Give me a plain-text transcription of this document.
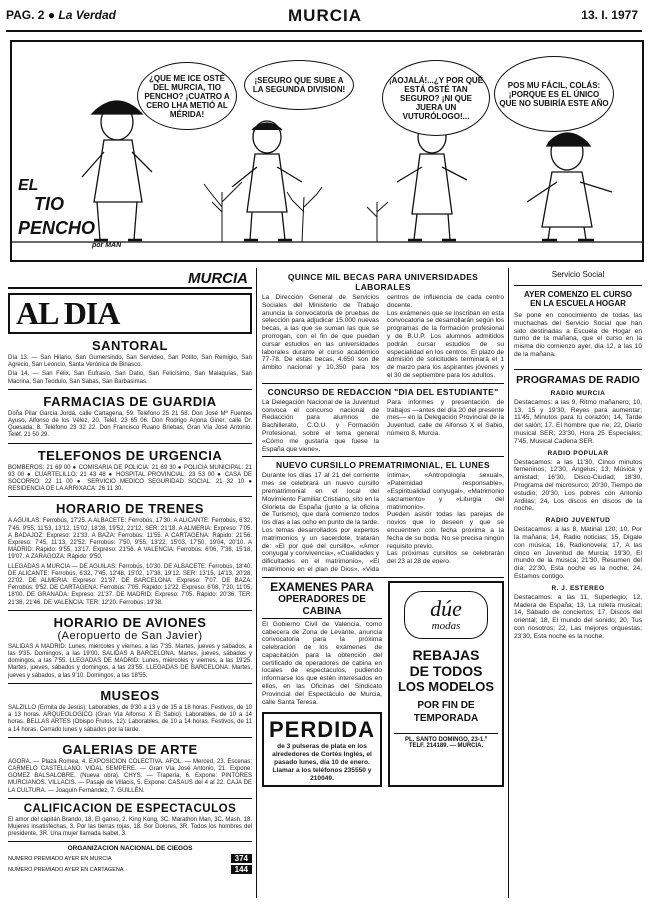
PAG. 2 ● La Verdad	MURCIA	13. I. 1977
¿QUE ME ICE OSTÉ DEL MURCIA, TIO PENCHO? ¡CUATRO A CERO LHA METIÓ AL MÉRIDA!
¡SEGURO QUE SUBE A LA SEGUNDA DIVISION!
¡AOJALÁ!...¿Y POR QUÉ ESTÁ OSTÉ TAN SEGURO? ¡NI QUE JUERA UN VUTURÓLOGO!...
POS MU FÁCIL, COLÁS: ¡PORQUE ES EL ÚNICO QUE NO SUBIRÍA ESTE AÑO
EL
TIO
PENCHO
por MAN
MURCIA
AL DIA
SANTORAL
Día 13. — San Hilario, San Gumersindo, San Servideo, San Potito, San Remigio, San Agrecio, San Leoncio, Santa Verónica de Binasco.
Día 14. — San Félix, San Eufrasio, San Datio, San Felicísimo, San Malaquías, San Macrina, San Teodulo, San Sabas, San Barbasimas.
FARMACIAS DE GUARDIA
Doña Pilar García Jordá, calle Cartagena, 59. Teléfono 25 21 58. Don José Mª Fuentes Ayuso, Alfonso de los Vélez, 20. Teléf. 23 65 06. Don Rodrigo Arjona Giner, calle Dr. Quesada, 8. Teléfono 23 32 22. Don Francisco Ruano Briebas, Gran Vía José Antonio. Teléf. 21 50 29.
TELEFONOS DE URGENCIA
BOMBEROS: 21 69 00 ● COMISARIA DE POLICIA: 21 69 30 ● POLICIA MUNICIPAL: 21 93 00 ● CUARTELILLO: 21 43 48 ● HOSPITAL PROVINCIAL: 23 53 00 ● CASA DE SOCORRO: 22 11 00 ● SERVICIO MEDICO SEGURIDAD SOCIAL: 21 32 10 ● RESIDENCIA DE LA ARRIXACA: 26 11 30.
HORARIO DE TRENES
A AGUILAS: Ferrobús, 17'25. A ALBACETE: Ferrobús, 17'30. A ALICANTE: Ferrobús, 6'32, 7'45, 9'55, 11'53, 13'12, 15'02, 18'28, 19'52, 21'12. SER: 21'18. A ALMERIA: Expreso: 7'05. A BADAJOZ: Expreso: 21'33. A BAZA: Ferrobús: 11'55. A CARTAGENA: Rápido: 21'56. Expreso: 7'45, 11'13, 22'52. Ferrobús: 7'50, 9'55, 13'22, 15'03, 17'50, 19'04, 20'10. A MADRID: Rápido: 9'55, 13'17. Expreso: 21'56. A VALENCIA: Ferrobús: 6'06, 7'38, 15'18, 19'07. A ZARAGOZA: Rápido: 9'50.
LLEGADAS A MURCIA — DE AGUILAS: Ferrobús, 10'30. DE ALBACETE: Ferrobús, 18'40. DE ALICANTE: Ferrobús, 6'32, 7'45, 12'48, 15'02, 17'38, 19'12. SER: 13'15, 14'13, 20'28, 22'02. DE ALMERIA: Expreso: 21'37. DE BARCELONA: Expreso: 7'07. DE BAZA: Ferrobús: 9'52. DE CARTAGENA: Ferrobús: 7'05. Rápido: 12'22. Expreso: 6'08, 7'20, 11'05, 18'00. DE GRANADA: Expreso: 21'37. DE MADRID: Expreso: 7'05. Rápido: 20'36. TER: 21'38, 21'46. DE VALENCIA: TER: 12'20. Ferrobús: 19'38.
HORARIO DE AVIONES
(Aeropuerto de San Javier)
SALIDAS A MADRID: Lunes, miércoles y viernes, a las 7'35. Martes, jueves y sábados, a las 9'35. Domingos, a las 19'00. SALIDAS A BARCELONA: Martes, jueves, sábados y domingos, a las 7'55. LLEGADAS DE MADRID: Lunes, miércoles y viernes, a las 19'25. Martes, jueves, sábados y domingos, a las 23'55. LLEGADAS DE BARCELONA: Martes, jueves y sábados, a las 9'10. Domingos, a las 18'55.
MUSEOS
SALZILLO (Ermita de Jesús): Laborables, de 9'30 a 13 y de 15 a 18 horas. Festivos, de 10 a 13 horas. ARQUEOLOGICO (Gran Vía Alfonso X El Sabio): Laborables, de 10 a 14 horas. BELLAS ARTES (Obispo Frutos, 12): Laborables, de 10 a 14 horas. Festivos, de 11 a 14 horas. Cerrado lunes y sábados por la tarde.
GALERIAS DE ARTE
AGORA. — Plaza Romea, 4. EXPOSICION COLECTIVA. AFOL. — Merced, 23. Escenas: CARMELO CASTELLANO. VIDAL SEMPERE. — Gran Vía José Antonio, 21. Expone: GOMEZ BALSALOBRE. (Nueva obra). CHYS. — Trapería, 6. Expone: PINTORES MURCIANOS. VILLACIS. — Pasaje de Villacis, 5. Expone: CASAUS del 4 al 22. CAJA DE LA CULTURA. — Joaquín Fernández, 7. GUILLÉN.
CALIFICACION DE ESPECTACULOS
El amor del capitán Brando, 18. El ganso, 2. King Kong, 3C. Marathon Man, 3C. Mash, 18. Mujeres insatisfechas, 3. Por las tierras rojas, 18. Sor Dolores, 3R. Todos los hombres del presidente, 3R. Una mujer llamada Isabel, 3.
ORGANIZACION NACIONAL DE CIEGOS
NUMERO PREMIADO AYER EN MURCIA	374
NUMERO PREMIADO AYER EN CARTAGENA	144
QUINCE MIL BECAS PARA UNIVERSIDADES LABORALES
La Dirección General de Servicios Sociales del Ministerio de Trabajo anuncia la convocatoria de pruebas de selección para adjudicar 15.000 nuevas becas, a las que se suman las que se prorrogan, con el fin de que puedan cursar estudios en las universidades laborales durante el curso académico 77-78. De estas becas, 4.650 son de ámbito nacional y 10.350 para los centros de influencia de cada centro docente.
Los exámenes que se inscriban en esta convocatoria se desarrollarán según los programas de la formación profesional y de B.U.P. Los alumnos admitidos podrán cursar estudios de su especialidad en los centros. El plazo de admisión de solicitudes terminará el 1 de marzo para los aspirantes jóvenes y el 30 de septiembre para los adultos.
CONCURSO DE REDACCION "DIA DEL ESTUDIANTE"
La Delegación Nacional de la Juventud convoca el concurso nacional de Redacción para alumnos de Bachillerato, C.O.U. y Formación Profesional, sobre el tema general «Cómo me gustaría que fuese la España que viene».
Para informes y presentación de trabajos —antes del día 20 del presente mes— en la Delegación Provincial de la Juventud, calle de Alfonso X el Sabio, número 8, Murcia.
NUEVO CURSILLO PREMATRIMONIAL, EL LUNES
Durante los días 17 al 21 del corriente mes se celebrará un nuevo cursillo prematrimonial en el local del Movimiento Familiar Cristiano, sito en la Glorieta de España (junto a la oficina de Turismo), que dará comienzo todos los días a las ocho en punto de la tarde.
Los temas desarrollados por expertos matrimonios y un sacerdote, tratarán de: «El por qué del cursillo», «Amor conyugal y convivencia», «Cualidades y dificultades en el matrimonio», «El matrimonio en el plan de Dios», «Vida íntima», «Antropología sexual», «Paternidad responsable», «Espiritualidad conyugal», «Matrimonio sacramento» y «Liturgia del matrimonio».
Pueden asistir todas las parejas de novios que lo deseen y que se encuentren con fecha próxima a la fecha de su boda. No se precisa ningún requisito previo.
Las próximas cursillos se celebrarán del 23 al 28 de enero.
EXAMENES PARA
OPERADORES DE CABINA
El Gobierno Civil de Valencia, como cabecera de Zona de Levante, anuncia convocatoria para la próxima celebración de los exámenes de capacitación para la obtención del certificado de operadores de cabina en locales de espectáculos, pudiendo informarse los que estén interesados en ellos, en las Oficinas del Sindicato Provincial del Espectáculo de Murcia, calle Santa Teresa.
PERDIDA
de 3 pulseras de plata en los alrededores de Cortés Inglés, el pasado lunes, día 10 de enero. Llamar a los teléfonos 235550 y 210049.
dúe
modas
REBAJAS
DE TODOS
LOS MODELOS
POR FIN DE
TEMPORADA
PL. SANTO DOMINGO, 23-1.º
TELF. 214189. — MURCIA.
Servicio Social
AYER COMENZO EL CURSO
EN LA ESCUELA HOGAR
Se pone en conocimiento de todas las muchachas del Servicio Social que han sido destinadas a Escuela de Hogar en turno de la mañana, que el curso en la misma dio comienzo ayer, día 12, a las 10 de la mañana.
PROGRAMAS DE RADIO
RADIO MURCIA
Destacamos: a las 9, Ritmo mañanero; 10, 13, 15 y 19'30, Reyes para aumentar; 11'45, Minutos para tu corazón; 14, Tarde del salón; 17, El hombre que ríe; 22, Diario musical SER; 23'30, Hora 25 Especiales; 7'45, Musical Cadena SER.
RADIO POPULAR
Destacamos: a las 11'30, Cinco minutos femeninos; 12'30, Ángelus; 13, Música y amistad; 16'30, Disco-Ciudad; 18'30, Programa del microsurco; 20'30, Tiempo de estudio; 20'30, Los pobres con Antonio Ardilas; 24, Los discos en discos de la noche.
RADIO JUVENTUD
Destacamos: a las 8, Matinal 120; 10, Por la mañana; 14, Radio noticias; 15, Digale con música; 16, Radionovela; 17, A las cinco en Juventud de Murcia; 19'30, El mundo de la música; 21'30, Resumen del día; 22'30, Esta noche es la noche; 24, Estamos contigo.
R. J. ESTEREO
Destacamos: a las 11, Superlegio; 12, Madera de España; 13, La ruleta musical; 14, Sábado de conciertos; 17, Discos del oriental; 18, El mundo del sonido; 20, Tus con nosotros; 22, Las mejores orquestas; 23'30, Esta noche es la noche.
